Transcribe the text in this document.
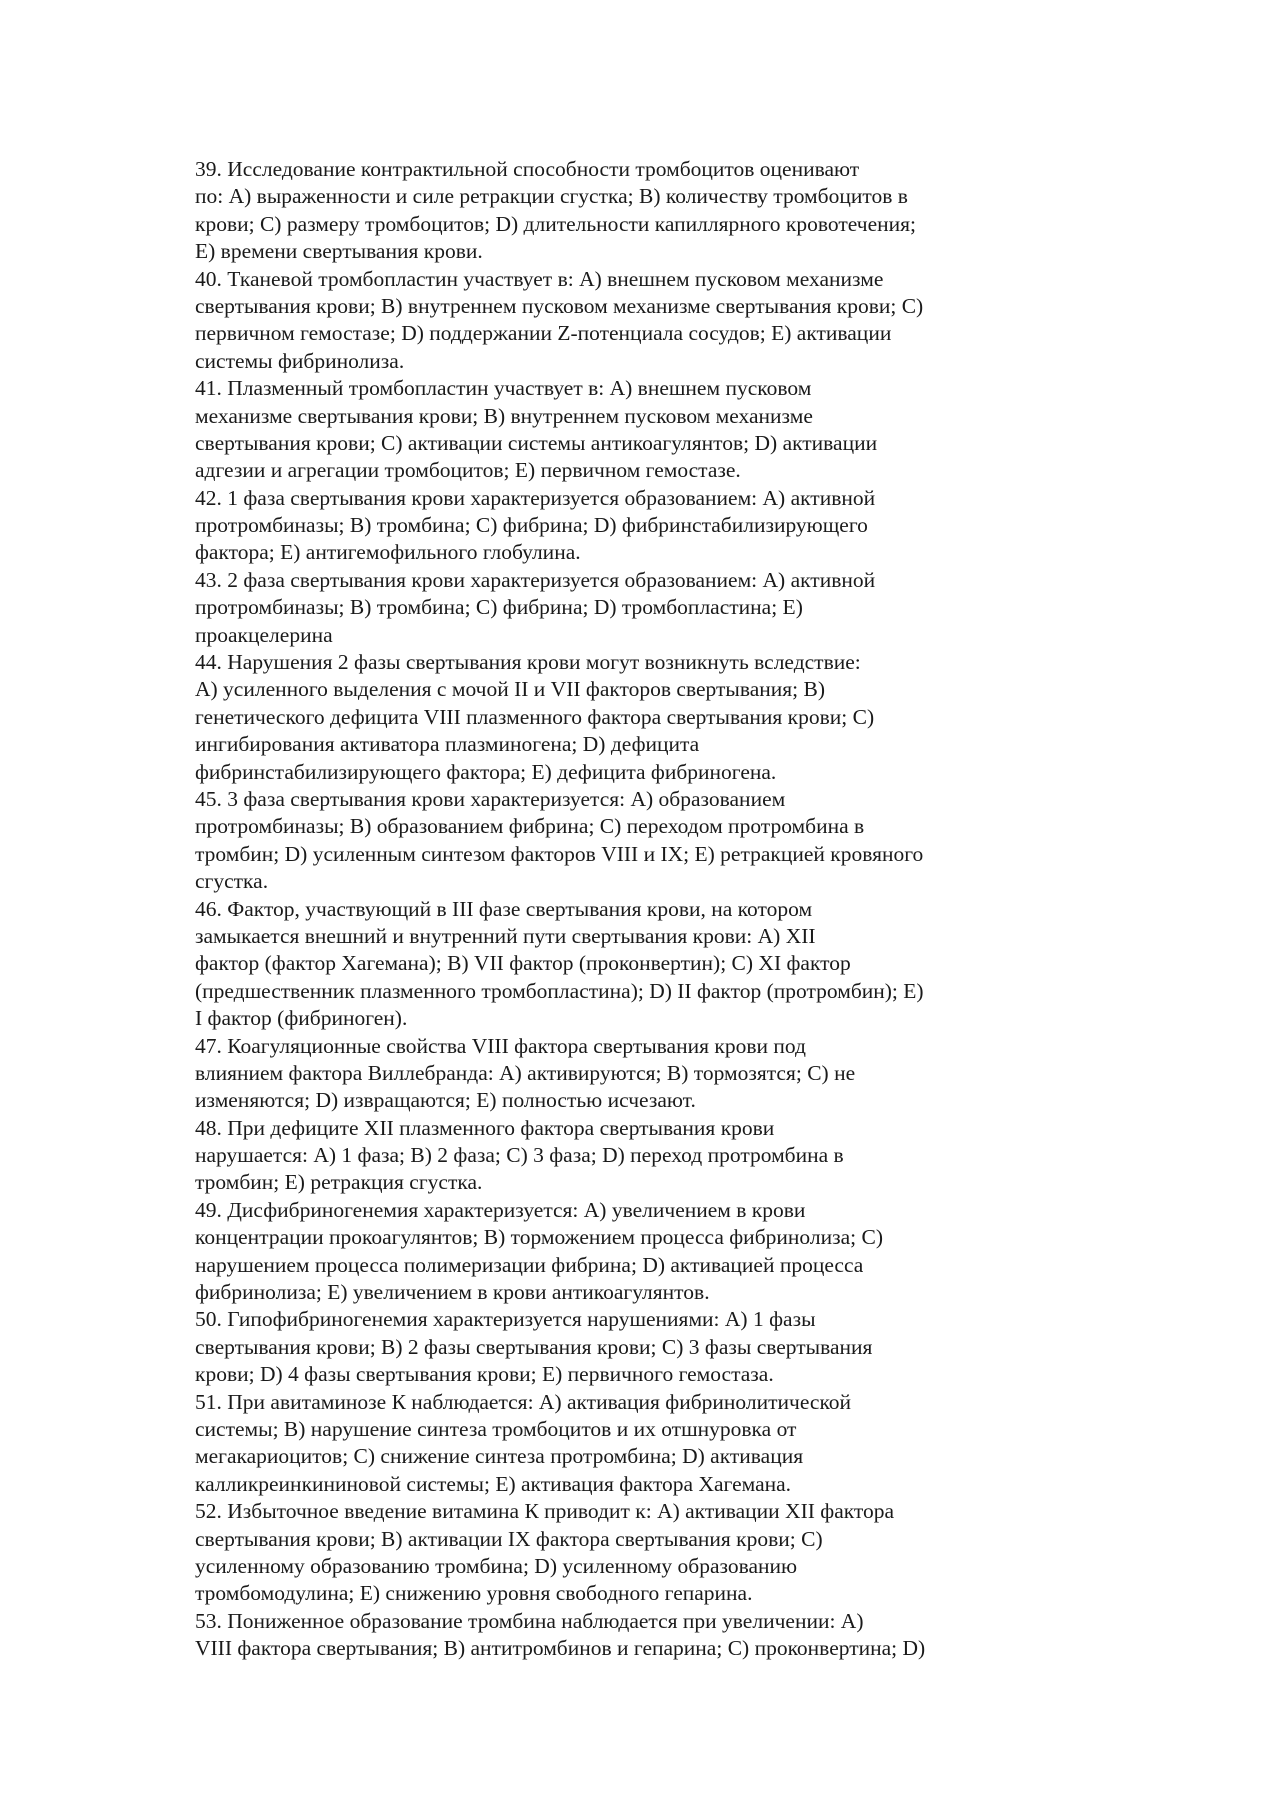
39. Исследование контрактильной способности тромбоцитов оценивают
по: A) выраженности и силе ретракции сгустка; B) количеству тромбоцитов в
крови; C) размеру тромбоцитов; D) длительности капиллярного кровотечения;
E) времени свертывания крови.
40. Тканевой тромбопластин участвует в: A) внешнем пусковом механизме
свертывания крови; B) внутреннем пусковом механизме свертывания крови; C)
первичном гемостазе; D) поддержании Z-потенциала сосудов; E) активации
системы фибринолиза.
41. Плазменный тромбопластин участвует в: A) внешнем пусковом
механизме свертывания крови; B) внутреннем пусковом механизме
свертывания крови; C) активации системы антикоагулянтов; D) активации
адгезии и агрегации тромбоцитов; E) первичном гемостазе.
42. 1 фаза свертывания крови характеризуется образованием: A) активной
протромбиназы; B) тромбина; C) фибрина; D) фибринстабилизирующего
фактора; E) антигемофильного глобулина.
43. 2 фаза свертывания крови характеризуется образованием: A) активной
протромбиназы; B) тромбина; C) фибрина; D) тромбопластина; E)
проакцелерина
44. Нарушения 2 фазы свертывания крови могут возникнуть вследствие:
A) усиленного выделения с мочой II и VII факторов свертывания; B)
генетического дефицита VIII плазменного фактора свертывания крови; C)
ингибирования активатора плазминогена; D) дефицита
фибринстабилизирующего фактора; E) дефицита фибриногена.
45. 3 фаза свертывания крови характеризуется: A) образованием
протромбиназы; B) образованием фибрина; C) переходом протромбина в
тромбин; D) усиленным синтезом факторов VIII и IX; E) ретракцией кровяного
сгустка.
46. Фактор, участвующий в III фазе свертывания крови, на котором
замыкается внешний и внутренний пути свертывания крови: A) XII
фактор (фактор Хагемана); B) VII фактор (проконвертин); C) XI фактор
(предшественник плазменного тромбопластина); D) II фактор (протромбин); E)
I фактор (фибриноген).
47. Коагуляционные свойства VIII фактора свертывания крови под
влиянием фактора Виллебранда: A) активируются; B) тормозятся; C) не
изменяются; D) извращаются; E) полностью исчезают.
48. При дефиците XII плазменного фактора свертывания крови
нарушается: A) 1 фаза; B) 2 фаза; C) 3 фаза; D) переход протромбина в
тромбин; E) ретракция сгустка.
49. Дисфибриногенемия характеризуется: A) увеличением в крови
концентрации прокоагулянтов; B) торможением процесса фибринолиза; C)
нарушением процесса полимеризации фибрина; D) активацией процесса
фибринолиза; E) увеличением в крови антикоагулянтов.
50. Гипофибриногенемия характеризуется нарушениями: A) 1 фазы
свертывания крови; B) 2 фазы свертывания крови; C) 3 фазы свертывания
крови; D) 4 фазы свертывания крови; E) первичного гемостаза.
51. При авитаминозе К наблюдается: A) активация фибринолитической
системы; B) нарушение синтеза тромбоцитов и их отшнуровка от
мегакариоцитов; C) снижение синтеза протромбина; D) активация
калликреинкининовой системы; E) активация фактора Хагемана.
52. Избыточное введение витамина К приводит к: A) активации XII фактора
свертывания крови; B) активации IX фактора свертывания крови; C)
усиленному образованию тромбина; D) усиленному образованию
тромбомодулина; E) снижению уровня свободного гепарина.
53. Пониженное образование тромбина наблюдается при увеличении: A)
VIII фактора свертывания; B) антитромбинов и гепарина; C) проконвертина; D)
